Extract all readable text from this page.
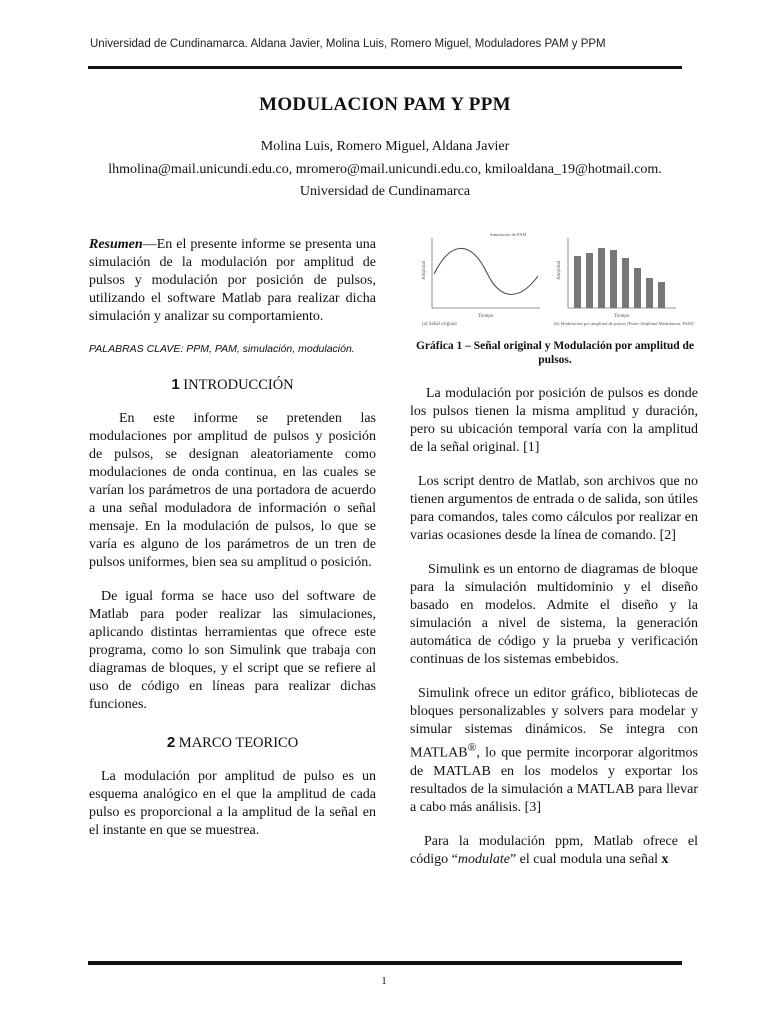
Universidad de Cundinamarca. Aldana Javier, Molina Luis, Romero Miguel, Moduladores PAM y PPM
MODULACION PAM Y PPM
Molina Luis, Romero Miguel, Aldana Javier
lhmolina@mail.unicundi.edu.co, mromero@mail.unicundi.edu.co, kmiloaldana_19@hotmail.com.
Universidad de Cundinamarca

Resumen—En el presente informe se presenta una simulación de la modulación por amplitud de pulsos y modulación por posición de pulsos, utilizando el software Matlab para realizar dicha simulación y analizar su comportamiento.

PALABRAS CLAVE: PPM, PAM, simulación, modulación.

1 INTRODUCCIÓN

En este informe se pretenden las modulaciones por amplitud de pulsos y posición de pulsos, se designan aleatoriamente como modulaciones de onda continua, en las cuales se varían los parámetros de una portadora de acuerdo a una señal moduladora de información o señal mensaje. En la modulación de pulsos, lo que se varía es alguno de los parámetros de un tren de pulsos uniformes, bien sea su amplitud o posición.

De igual forma se hace uso del software de Matlab para poder realizar las simulaciones, aplicando distintas herramientas que ofrece este programa, como lo son Simulink que trabaja con diagramas de bloques, y el script que se refiere al uso de código en líneas para realizar dichas funciones.

2 MARCO TEORICO

La modulación por amplitud de pulso es un esquema analógico en el que la amplitud de cada pulso es proporcional a la amplitud de la señal en el instante en que se muestrea.

Simulación de PAM
Amplitud
Tiempo
(a) Señal original
Amplitud
Tiempo
(b) Modulación por amplitud de pulsos (Pulse-Amplitud Modulation, PAM)
Gráfica 1 – Señal original y Modulación por amplitud de pulsos.

La modulación por posición de pulsos es donde los pulsos tienen la misma amplitud y duración, pero su ubicación temporal varía con la amplitud de la señal original. [1]

Los script dentro de Matlab, son archivos que no tienen argumentos de entrada o de salida, son útiles para comandos, tales como cálculos por realizar en varias ocasiones desde la línea de comando. [2]

Simulink es un entorno de diagramas de bloque para la simulación multidominio y el diseño basado en modelos. Admite el diseño y la simulación a nivel de sistema, la generación automática de código y la prueba y verificación continuas de los sistemas embebidos.

Simulink ofrece un editor gráfico, bibliotecas de bloques personalizables y solvers para modelar y simular sistemas dinámicos. Se integra con MATLAB®, lo que permite incorporar algoritmos de MATLAB en los modelos y exportar los resultados de la simulación a MATLAB para llevar a cabo más análisis. [3]

Para la modulación ppm, Matlab ofrece el código “modulate” el cual modula una señal x

1
